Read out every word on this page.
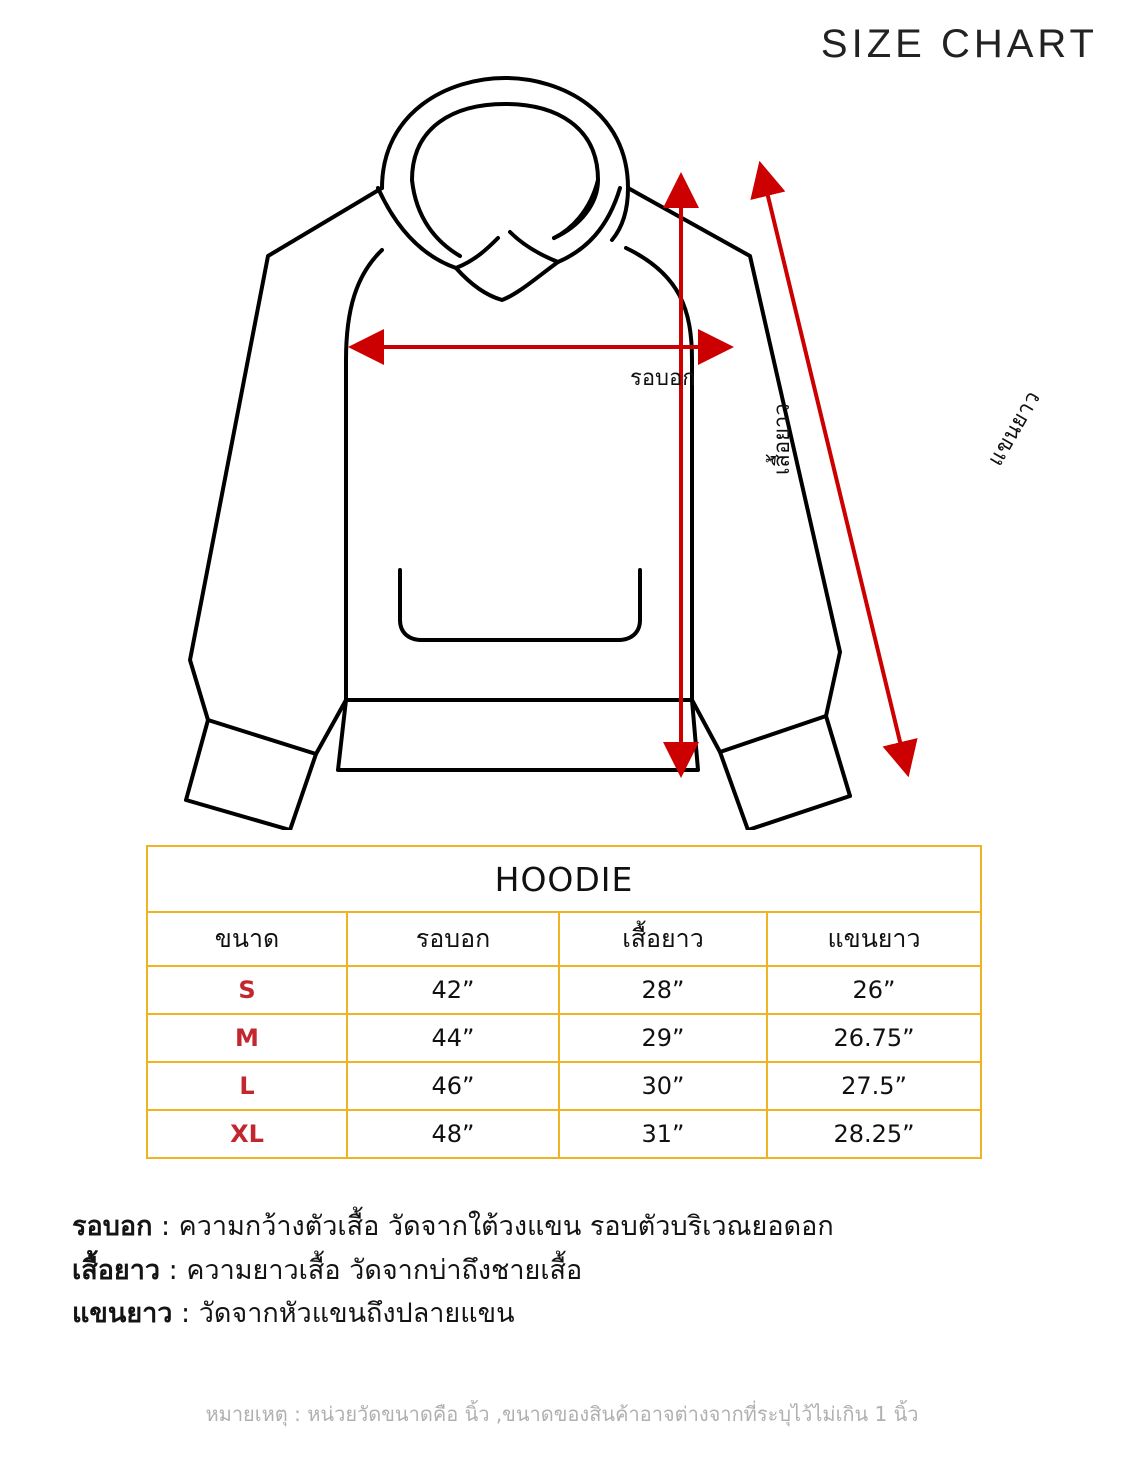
SIZE CHART
รอบอก
เสื้อยาว	แขนยาว
HOODIE			
ขนาด	รอบอก	เสื้อยาว	แขนยาว
S	42”	28”	26”
M	44”	29”	26.75”
L	46”	30”	27.5”
XL	48”	31”	28.25”
รอบอก : ความกว้างตัวเสื้อ วัดจากใต้วงแขน รอบตัวบริเวณยอดอก
เสื้อยาว : ความยาวเสื้อ วัดจากบ่าถึงชายเสื้อ
แขนยาว : วัดจากหัวแขนถึงปลายแขน
หมายเหตุ : หน่วยวัดขนาดคือ นิ้ว ,ขนาดของสินค้าอาจต่างจากที่ระบุไว้ไม่เกิน 1 นิ้ว
